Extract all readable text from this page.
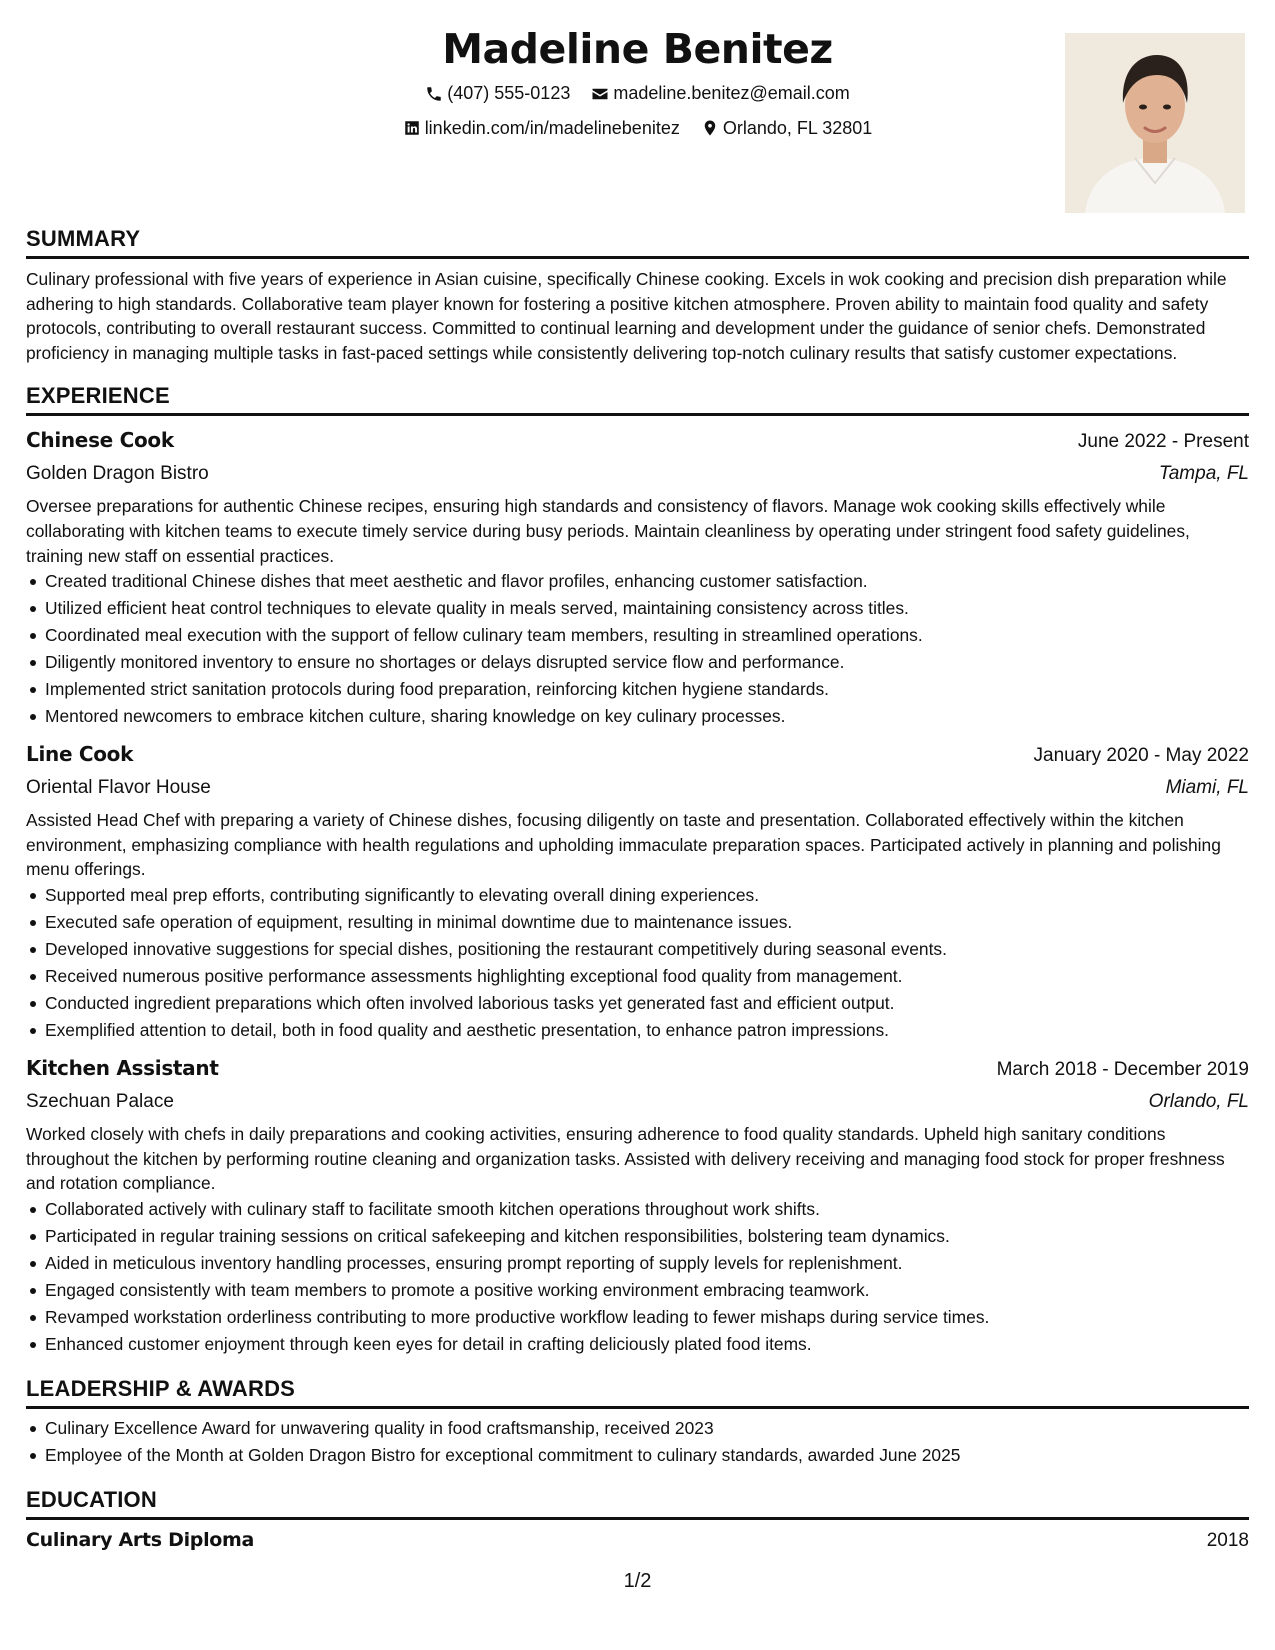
Madeline Benitez
(407) 555-0123
madeline.benitez@email.com
linkedin.com/in/madelinebenitez
Orlando, FL 32801
SUMMARY

Culinary professional with five years of experience in Asian cuisine, specifically Chinese cooking. Excels in wok cooking and precision dish preparation while adhering to high standards. Collaborative team player known for fostering a positive kitchen atmosphere. Proven ability to maintain food quality and safety protocols, contributing to overall restaurant success. Committed to continual learning and development under the guidance of senior chefs. Demonstrated proficiency in managing multiple tasks in fast-paced settings while consistently delivering top-notch culinary results that satisfy customer expectations.

EXPERIENCE
Chinese Cook	June 2022 - Present
Golden Dragon Bistro	Tampa, FL

Oversee preparations for authentic Chinese recipes, ensuring high standards and consistency of flavors. Manage wok cooking skills effectively while collaborating with kitchen teams to execute timely service during busy periods. Maintain cleanliness by operating under stringent food safety guidelines, training new staff on essential practices.

Created traditional Chinese dishes that meet aesthetic and flavor profiles, enhancing customer satisfaction.
Utilized efficient heat control techniques to elevate quality in meals served, maintaining consistency across titles.
Coordinated meal execution with the support of fellow culinary team members, resulting in streamlined operations.
Diligently monitored inventory to ensure no shortages or delays disrupted service flow and performance.
Implemented strict sanitation protocols during food preparation, reinforcing kitchen hygiene standards.
Mentored newcomers to embrace kitchen culture, sharing knowledge on key culinary processes.
Line Cook	January 2020 - May 2022
Oriental Flavor House	Miami, FL

Assisted Head Chef with preparing a variety of Chinese dishes, focusing diligently on taste and presentation. Collaborated effectively within the kitchen environment, emphasizing compliance with health regulations and upholding immaculate preparation spaces. Participated actively in planning and polishing menu offerings.

Supported meal prep efforts, contributing significantly to elevating overall dining experiences.
Executed safe operation of equipment, resulting in minimal downtime due to maintenance issues.
Developed innovative suggestions for special dishes, positioning the restaurant competitively during seasonal events.
Received numerous positive performance assessments highlighting exceptional food quality from management.
Conducted ingredient preparations which often involved laborious tasks yet generated fast and efficient output.
Exemplified attention to detail, both in food quality and aesthetic presentation, to enhance patron impressions.
Kitchen Assistant	March 2018 - December 2019
Szechuan Palace	Orlando, FL

Worked closely with chefs in daily preparations and cooking activities, ensuring adherence to food quality standards. Upheld high sanitary conditions throughout the kitchen by performing routine cleaning and organization tasks. Assisted with delivery receiving and managing food stock for proper freshness and rotation compliance.

Collaborated actively with culinary staff to facilitate smooth kitchen operations throughout work shifts.
Participated in regular training sessions on critical safekeeping and kitchen responsibilities, bolstering team dynamics.
Aided in meticulous inventory handling processes, ensuring prompt reporting of supply levels for replenishment.
Engaged consistently with team members to promote a positive working environment embracing teamwork.
Revamped workstation orderliness contributing to more productive workflow leading to fewer mishaps during service times.
Enhanced customer enjoyment through keen eyes for detail in crafting deliciously plated food items.
LEADERSHIP & AWARDS
Culinary Excellence Award for unwavering quality in food craftsmanship, received 2023
Employee of the Month at Golden Dragon Bistro for exceptional commitment to culinary standards, awarded June 2025
EDUCATION
Culinary Arts Diploma	2018
1/2
